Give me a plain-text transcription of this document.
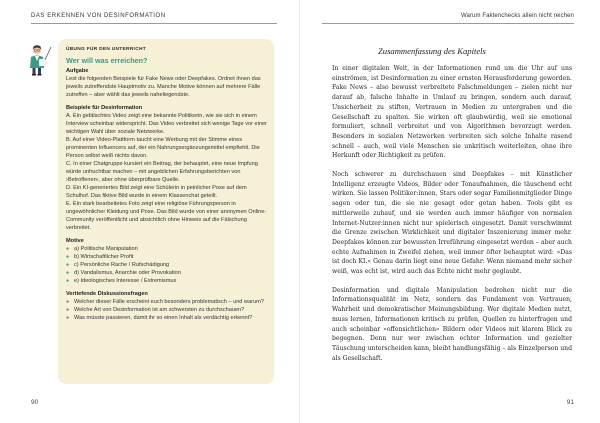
DAS ERKENNEN VON DESINFORMATION
ÜBUNG FÜR DEN UNTERRICHT
Wer will was erreichen?
Aufgabe

Lest die folgenden Beispiele für Fake News oder Deepfakes. Ordnet ihnen das jeweils zutreffendste Hauptmotiv zu. Manche Motive können auf mehrere Fälle zutreffen – aber wählt das jeweils naheliegendste.

Beispiele für Desinformation

A. Ein gefälschtes Video zeigt eine bekannte Politikerin, wie sie sich in einem Interview scheinbar widerspricht. Das Video verbreitet sich wenige Tage vor einer wichtigen Wahl über soziale Netzwerke.

B. Auf einer Video-Plattform taucht eine Werbung mit der Stimme eines prominenten Influencers auf, der ein Nahrungsergänzungsmittel empfiehlt. Die Person selbst weiß nichts davon.

C. In einer Chatgruppe kursiert ein Beitrag, der behauptet, eine neue Impfung würde unfruchtbar machen – mit angeblichen Erfahrungsberichten von ›Betroffenen‹, aber ohne überprüfbare Quelle.

D. Ein KI-generiertes Bild zeigt eine Schülerin in peinlicher Pose auf dem Schulhof. Das fiktive Bild wurde in einem Klassenchat geteilt.

E. Ein stark bearbeitetes Foto zeigt eine religiöse Führungsperson in ungewöhnlicher Kleidung und Pose. Das Bild wurde von einer anonymen Online-Community veröffentlicht und absichtlich ohne Hinweis auf die Fälschung verbreitet.

Motive
● a) Politische Manipulation
● b) Wirtschaftlicher Profit
● c) Persönliche Rache / Rufschädigung
● d) Vandalismus, Anarchie oder Provokation
● e) Ideologisches Interesse / Extremismus
Vertiefende Diskussionsfragen
● Welcher dieser Fälle erscheint euch besonders problematisch – und warum?
● Welche Art von Desinformation ist am schwersten zu durchschauen?
● Was müsste passieren, damit ihr so einen Inhalt als verdächtig erkennt?
90
Warum Faktenchecks allein nicht reichen
Zusammenfassung des Kapitels

In einer digitalen Welt, in der Informationen rund um die Uhr auf uns einströmen, ist Desinformation zu einer ernsten Herausforderung geworden. Fake News – also bewusst verbreitete Falschmeldungen – zielen nicht nur darauf ab, falsche Inhalte in Umlauf zu bringen, sondern auch darauf, Unsicherheit zu stiften, Vertrauen in Medien zu untergraben und die Gesellschaft zu spalten. Sie wirken oft glaubwürdig, weil sie emotional formuliert, schnell verbreitet und von Algorithmen bevorzugt werden. Besonders in sozialen Netzwerken verbreiten sich solche Inhalte rasend schnell – auch, weil viele Menschen sie unkritisch weiterleiten, ohne ihre Herkunft oder Richtigkeit zu prüfen.

Noch schwerer zu durchschauen sind Deepfakes – mit Künstlicher Intelligenz erzeugte Videos, Bilder oder Tonaufnahmen, die täuschend echt wirken. Sie lassen Politiker:innen, Stars oder sogar Familienmitglieder Dinge sagen oder tun, die sie nie gesagt oder getan haben. Tools gibt es mittlerweile zuhauf, und sie werden auch immer häufiger von normalen Internet-Nutzer:innen nicht nur spielerisch eingesetzt. Damit verschwimmt die Grenze zwischen Wirklichkeit und digitaler Inszenierung immer mehr. Deepfakes können zur bewussten Irreführung eingesetzt werden – aber auch echte Aufnahmen in Zweifel ziehen, weil immer öfter behauptet wird: »Das ist doch KI.« Genau darin liegt eine neue Gefahr: Wenn niemand mehr sicher weiß, was echt ist, wird auch das Echte nicht mehr geglaubt.

Desinformation und digitale Manipulation bedrohen nicht nur die Informationsqualität im Netz, sondern das Fundament von Vertrauen, Wahrheit und demokratischer Meinungsbildung. Wer digitale Medien nutzt, muss lernen, Informationen kritisch zu prüfen, Quellen zu hinterfragen und auch scheinbar »offensichtlichen« Bildern oder Videos mit klarem Blick zu begegnen. Denn nur wer zwischen echter Information und gezielter Täuschung unterscheiden kann, bleibt handlungsfähig – als Einzelperson und als Gesellschaft.

91
